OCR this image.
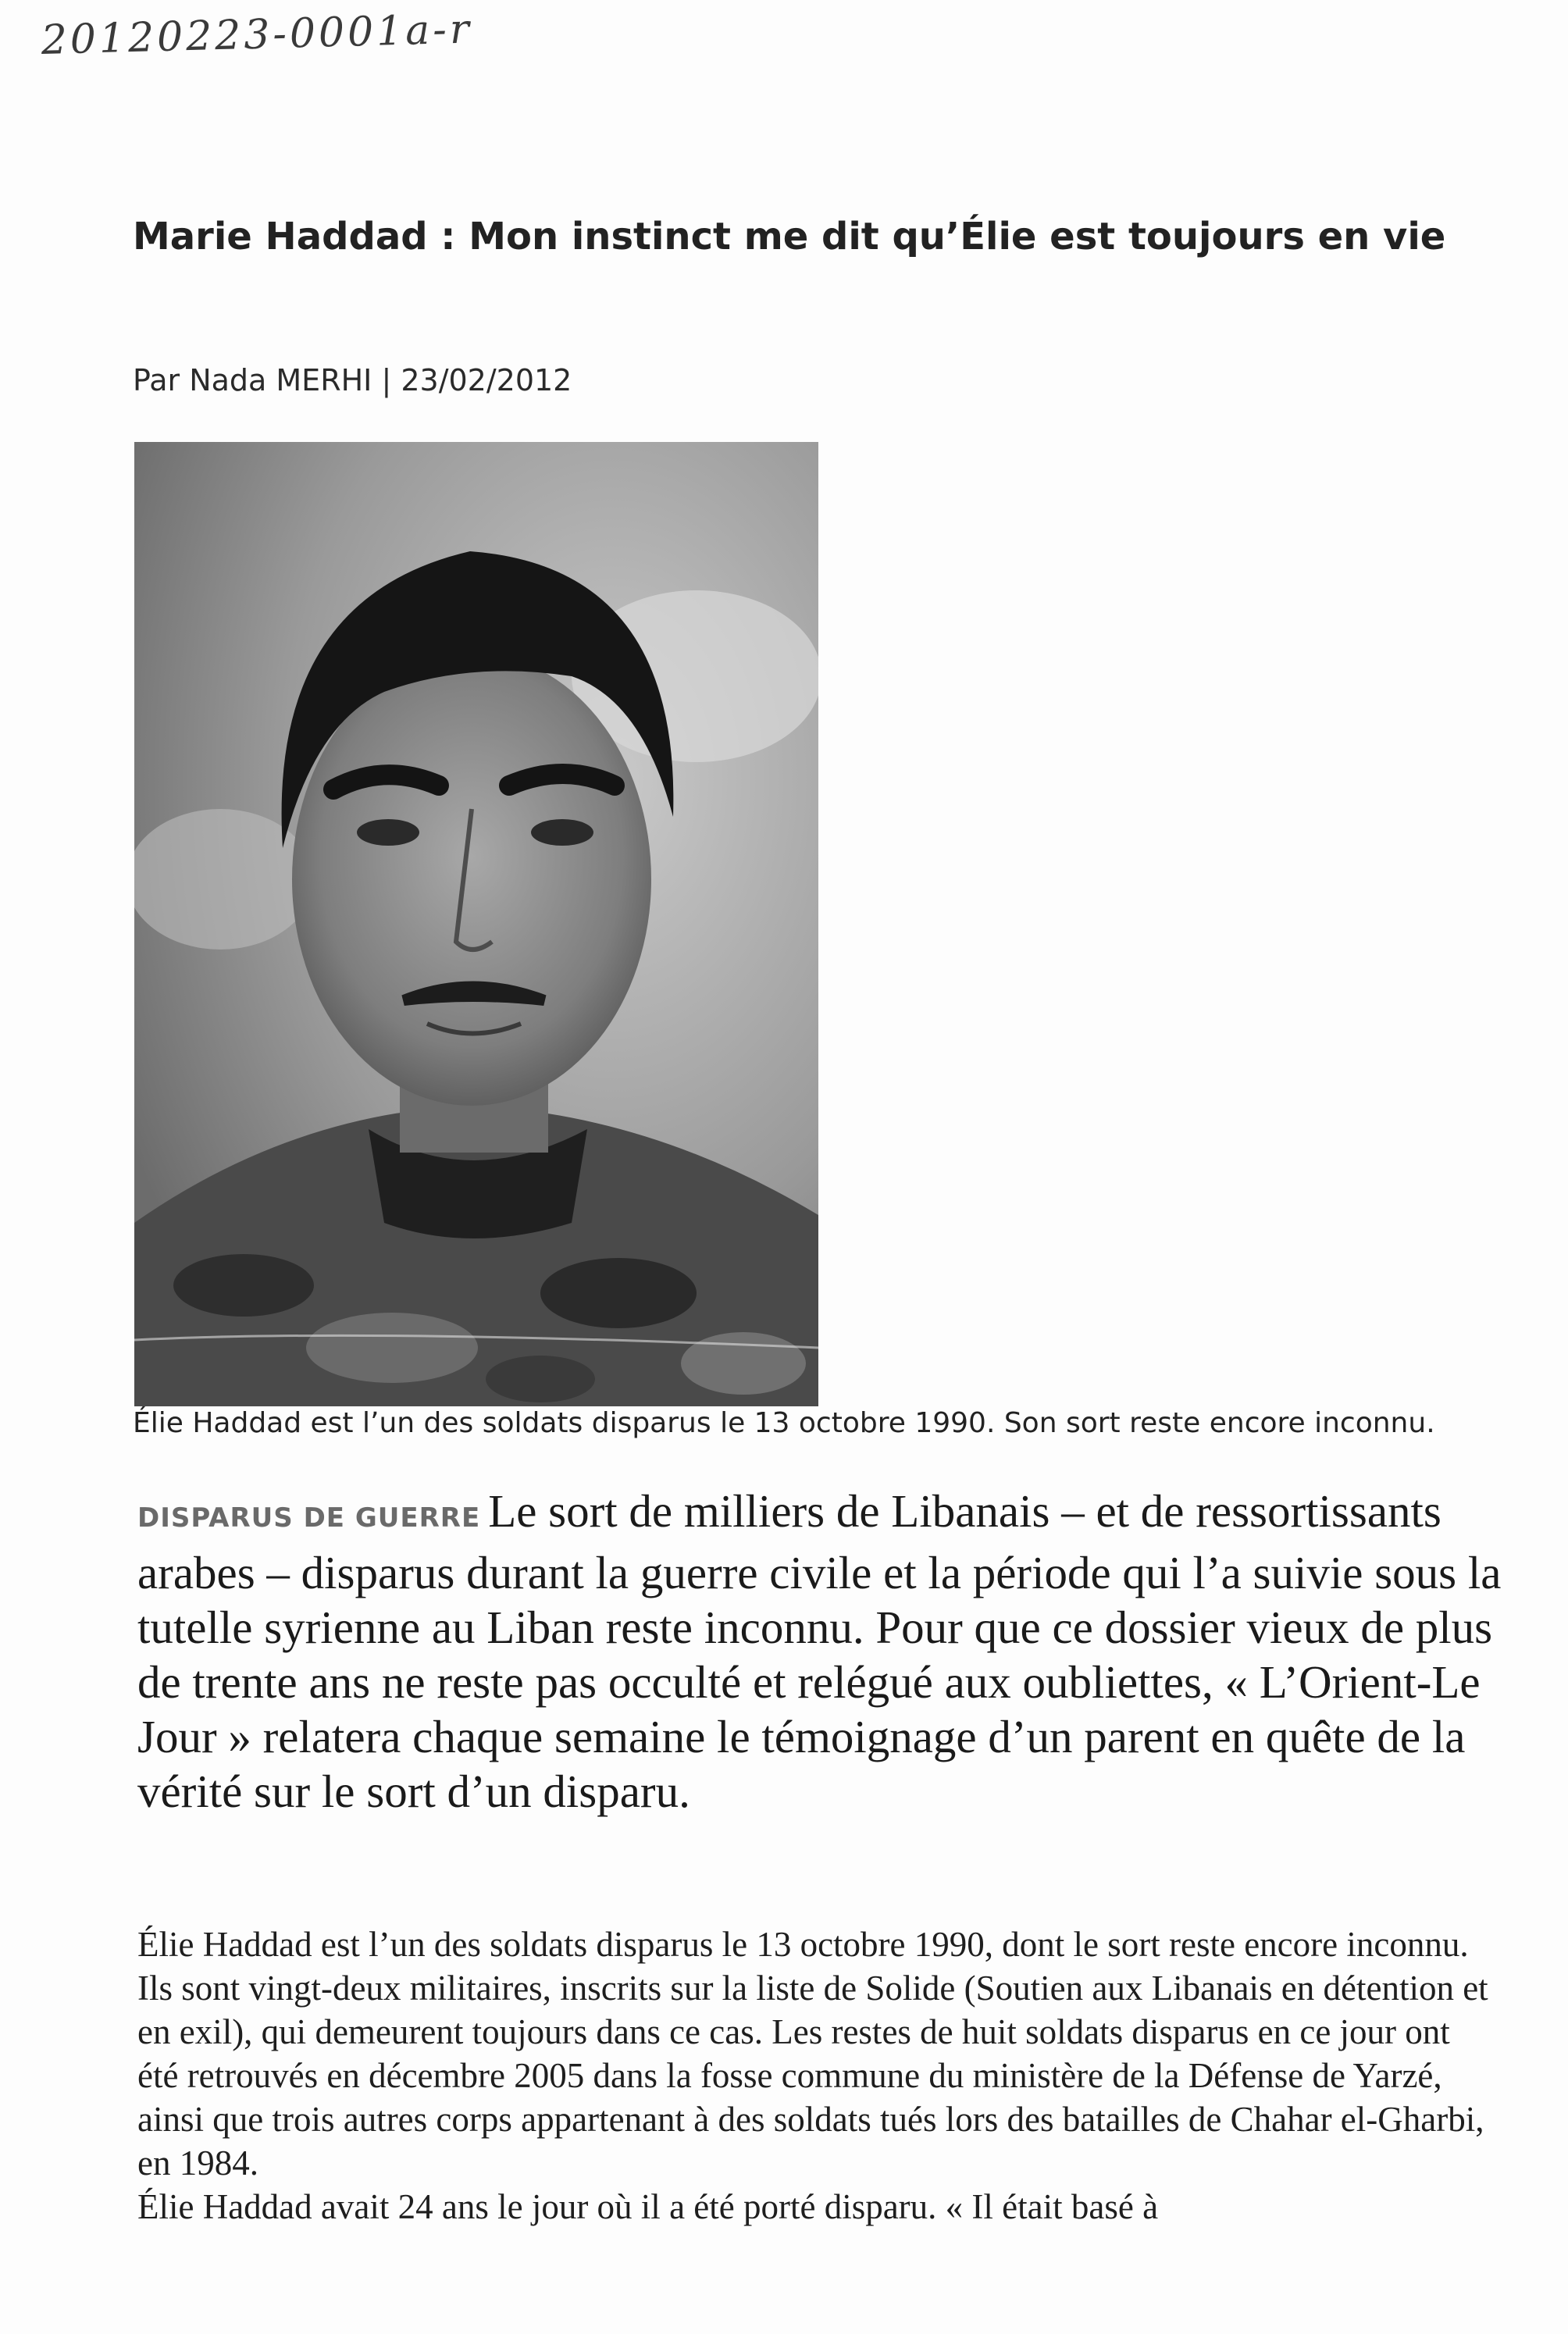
20120223-0001a-r
Marie Haddad : Mon instinct me dit qu’Élie est toujours en vie
Par Nada MERHI | 23/02/2012

Élie Haddad est l’un des soldats disparus le 13 octobre 1990. Son sort reste encore inconnu.

DISPARUS DE GUERRE Le sort de milliers de Libanais – et de ressortissants arabes – disparus durant la guerre civile et la période qui l’a suivie sous la tutelle syrienne au Liban reste inconnu. Pour que ce dossier vieux de plus de trente ans ne reste pas occulté et relégué aux oubliettes, « L’Orient-Le Jour » relatera chaque semaine le témoignage d’un parent en quête de la vérité sur le sort d’un disparu.

Élie Haddad est l’un des soldats disparus le 13 octobre 1990, dont le sort reste encore inconnu. Ils sont vingt-deux militaires, inscrits sur la liste de Solide (Soutien aux Libanais en détention et en exil), qui demeurent toujours dans ce cas. Les restes de huit soldats disparus en ce jour ont été retrouvés en décembre 2005 dans la fosse commune du ministère de la Défense de Yarzé, ainsi que trois autres corps appartenant à des soldats tués lors des batailles de Chahar el-Gharbi, en 1984.

Élie Haddad avait 24 ans le jour où il a été porté disparu. « Il était basé à
